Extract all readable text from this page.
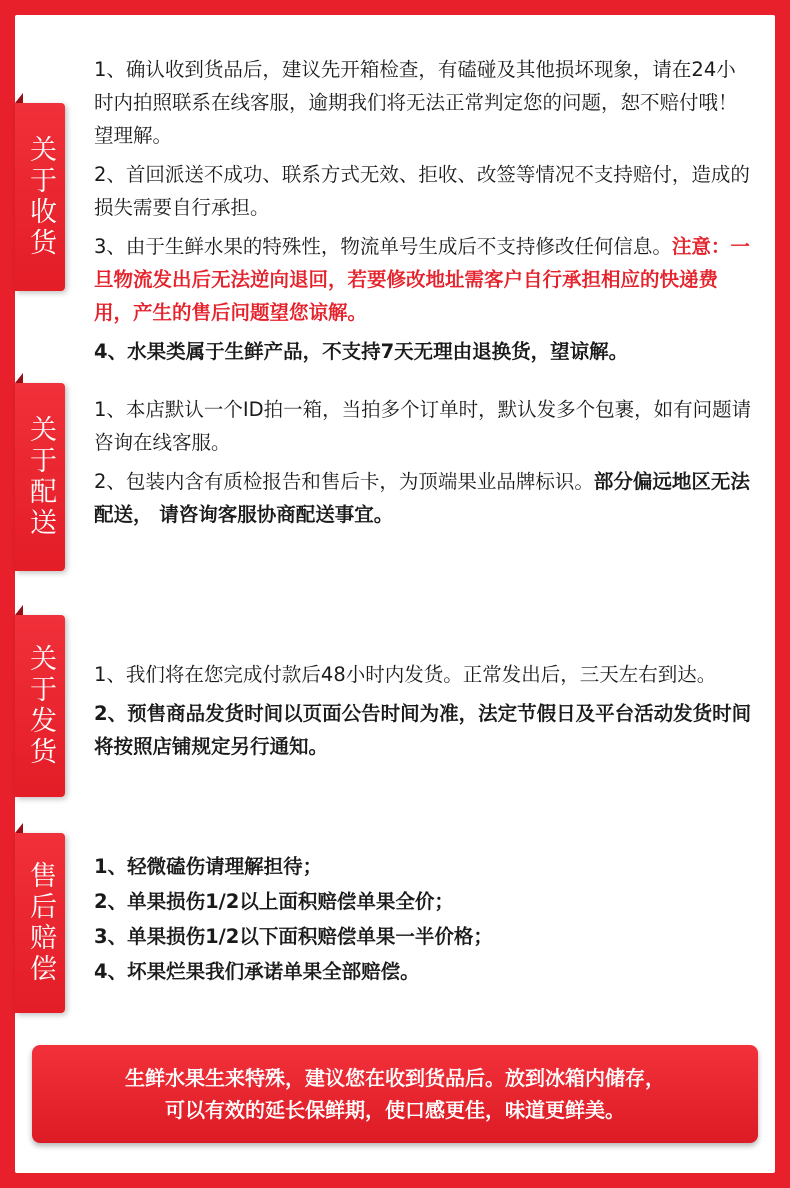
关于收货

1、确认收到货品后，建议先开箱检查，有磕碰及其他损坏现象，请在24小时内拍照联系在线客服，逾期我们将无法正常判定您的问题，恕不赔付哦！望理解。

2、首回派送不成功、联系方式无效、拒收、改签等情况不支持赔付，造成的损失需要自行承担。

3、由于生鲜水果的特殊性，物流单号生成后不支持修改任何信息。注意：一旦物流发出后无法逆向退回，若要修改地址需客户自行承担相应的快递费用，产生的售后问题望您谅解。

4、水果类属于生鲜产品，不支持7天无理由退换货，望谅解。

关于配送

1、本店默认一个ID拍一箱，当拍多个订单时，默认发多个包裹，如有问题请咨询在线客服。

2、包装内含有质检报告和售后卡，为顶端果业品牌标识。部分偏远地区无法配送， 请咨询客服协商配送事宜。

关于发货	1、我们将在您完成付款后48小时内发货。正常发出后，三天左右到达。

2、预售商品发货时间以页面公告时间为准，法定节假日及平台活动发货时间将按照店铺规定另行通知。

售后赔偿	1、轻微磕伤请理解担待；

2、单果损伤1/2以上面积赔偿单果全价；

3、单果损伤1/2以下面积赔偿单果一半价格；

4、坏果烂果我们承诺单果全部赔偿。

生鲜水果生来特殊，建议您在收到货品后。放到冰箱内储存，
可以有效的延长保鲜期，使口感更佳，味道更鲜美。
